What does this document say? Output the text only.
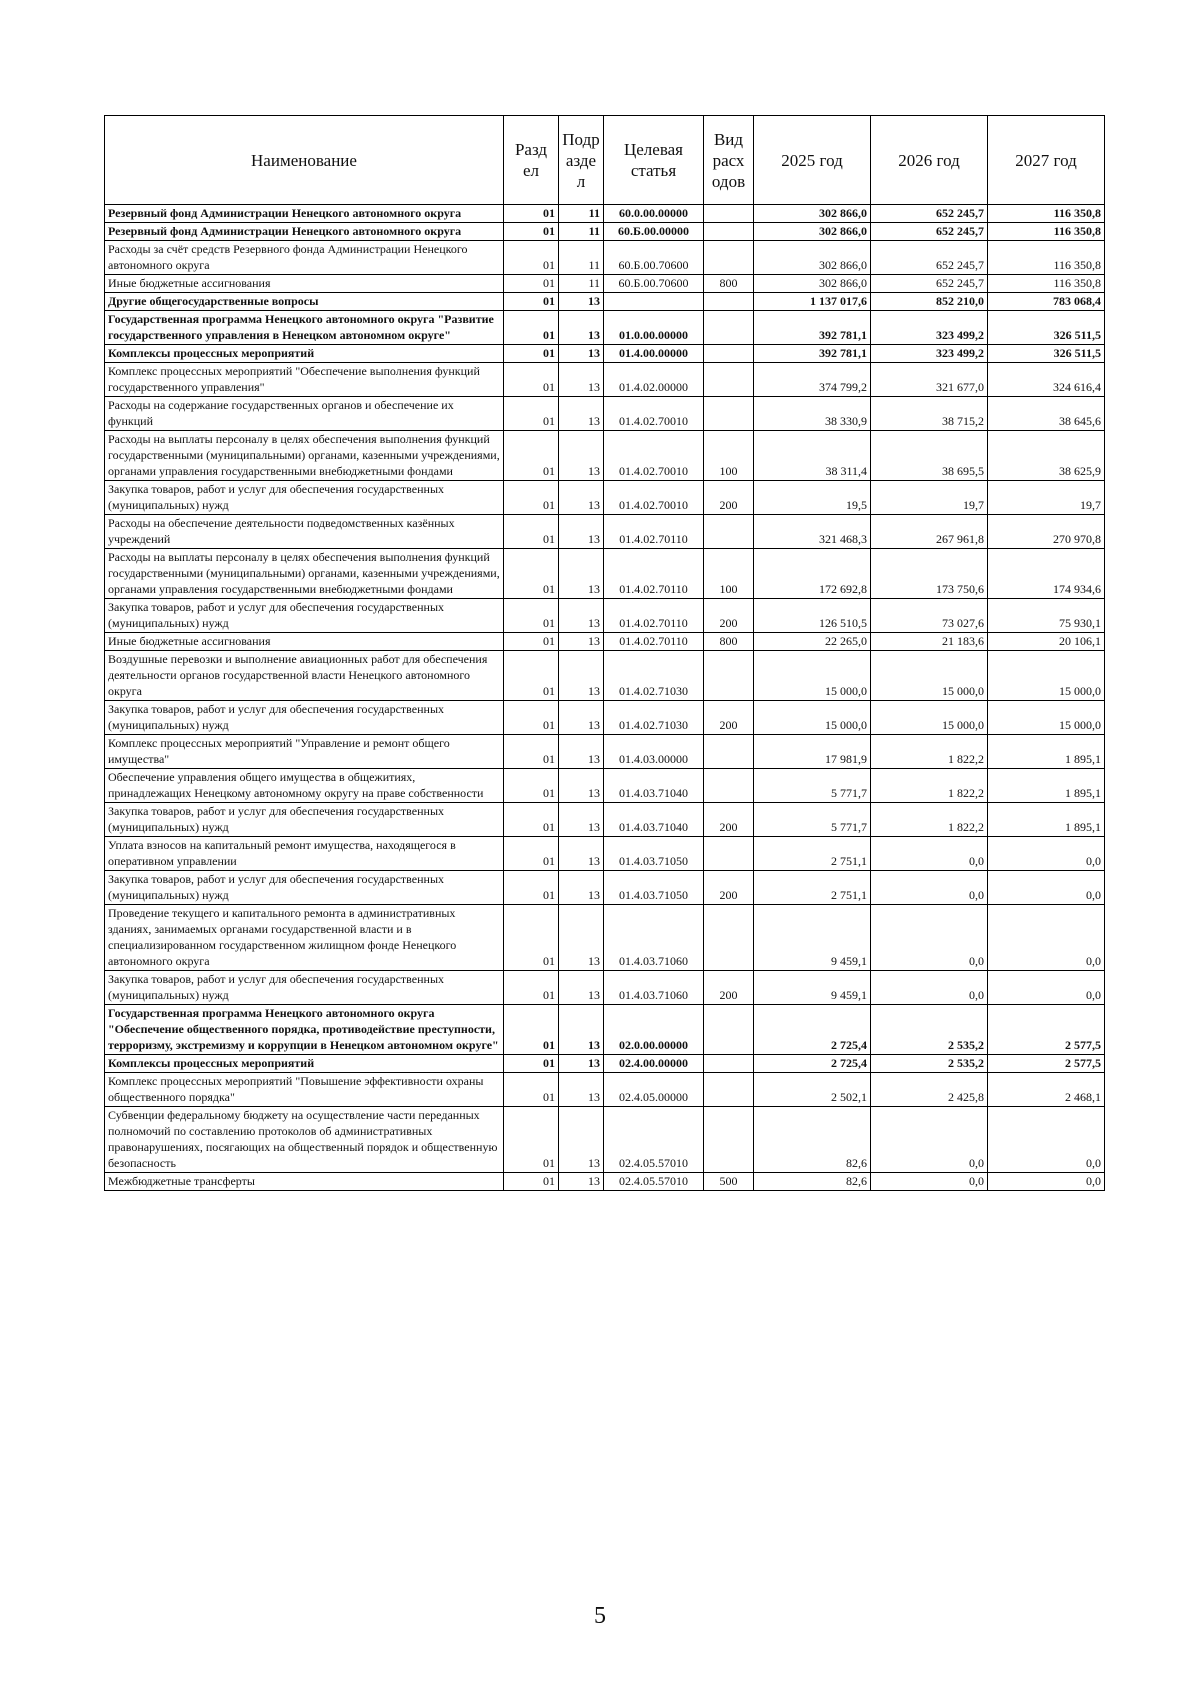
Наименование	Разд ел	Подр азде л	Целевая статья	Вид расх одов	2025 год	2026 год	2027 год
Резервный фонд Администрации Ненецкого автономного округа	01	11	60.0.00.00000		302 866,0	652 245,7	116 350,8
Резервный фонд Администрации Ненецкого автономного округа	01	11	60.Б.00.00000		302 866,0	652 245,7	116 350,8
Расходы за счёт средств Резервного фонда Администрации Ненецкого автономного округа	01	11	60.Б.00.70600		302 866,0	652 245,7	116 350,8
Иные бюджетные ассигнования	01	11	60.Б.00.70600	800	302 866,0	652 245,7	116 350,8
Другие общегосударственные вопросы	01	13			1 137 017,6	852 210,0	783 068,4
Государственная программа Ненецкого автономного округа "Развитие государственного управления в Ненецком автономном округе"	01	13	01.0.00.00000		392 781,1	323 499,2	326 511,5
Комплексы процессных мероприятий	01	13	01.4.00.00000		392 781,1	323 499,2	326 511,5
Комплекс процессных мероприятий "Обеспечение выполнения функций государственного управления"	01	13	01.4.02.00000		374 799,2	321 677,0	324 616,4
Расходы на содержание государственных органов и обеспечение их функций	01	13	01.4.02.70010		38 330,9	38 715,2	38 645,6
Расходы на выплаты персоналу в целях обеспечения выполнения функций государственными (муниципальными) органами, казенными учреждениями, органами управления государственными внебюджетными фондами	01	13	01.4.02.70010	100	38 311,4	38 695,5	38 625,9
Закупка товаров, работ и услуг для обеспечения государственных (муниципальных) нужд	01	13	01.4.02.70010	200	19,5	19,7	19,7
Расходы на обеспечение деятельности подведомственных казённых учреждений	01	13	01.4.02.70110		321 468,3	267 961,8	270 970,8
Расходы на выплаты персоналу в целях обеспечения выполнения функций государственными (муниципальными) органами, казенными учреждениями, органами управления государственными внебюджетными фондами	01	13	01.4.02.70110	100	172 692,8	173 750,6	174 934,6
Закупка товаров, работ и услуг для обеспечения государственных (муниципальных) нужд	01	13	01.4.02.70110	200	126 510,5	73 027,6	75 930,1
Иные бюджетные ассигнования	01	13	01.4.02.70110	800	22 265,0	21 183,6	20 106,1
Воздушные перевозки и выполнение авиационных работ для обеспечения деятельности органов государственной власти Ненецкого автономного округа	01	13	01.4.02.71030		15 000,0	15 000,0	15 000,0
Закупка товаров, работ и услуг для обеспечения государственных (муниципальных) нужд	01	13	01.4.02.71030	200	15 000,0	15 000,0	15 000,0
Комплекс процессных мероприятий "Управление и ремонт общего имущества"	01	13	01.4.03.00000		17 981,9	1 822,2	1 895,1
Обеспечение управления общего имущества в общежитиях, принадлежащих Ненецкому автономному округу на праве собственности	01	13	01.4.03.71040		5 771,7	1 822,2	1 895,1
Закупка товаров, работ и услуг для обеспечения государственных (муниципальных) нужд	01	13	01.4.03.71040	200	5 771,7	1 822,2	1 895,1
Уплата взносов на капитальный ремонт имущества, находящегося в оперативном управлении	01	13	01.4.03.71050		2 751,1	0,0	0,0
Закупка товаров, работ и услуг для обеспечения государственных (муниципальных) нужд	01	13	01.4.03.71050	200	2 751,1	0,0	0,0
Проведение текущего и капитального ремонта в административных зданиях, занимаемых органами государственной власти и в специализированном государственном жилищном фонде Ненецкого автономного округа	01	13	01.4.03.71060		9 459,1	0,0	0,0
Закупка товаров, работ и услуг для обеспечения государственных (муниципальных) нужд	01	13	01.4.03.71060	200	9 459,1	0,0	0,0
Государственная программа Ненецкого автономного округа "Обеспечение общественного порядка, противодействие преступности, терроризму, экстремизму и коррупции в Ненецком автономном округе"	01	13	02.0.00.00000		2 725,4	2 535,2	2 577,5
Комплексы процессных мероприятий	01	13	02.4.00.00000		2 725,4	2 535,2	2 577,5
Комплекс процессных мероприятий "Повышение эффективности охраны общественного порядка"	01	13	02.4.05.00000		2 502,1	2 425,8	2 468,1
Субвенции федеральному бюджету на осуществление части переданных полномочий по составлению протоколов об административных правонарушениях, посягающих на общественный порядок и общественную безопасность	01	13	02.4.05.57010		82,6	0,0	0,0
Межбюджетные трансферты	01	13	02.4.05.57010	500	82,6	0,0	0,0
5
